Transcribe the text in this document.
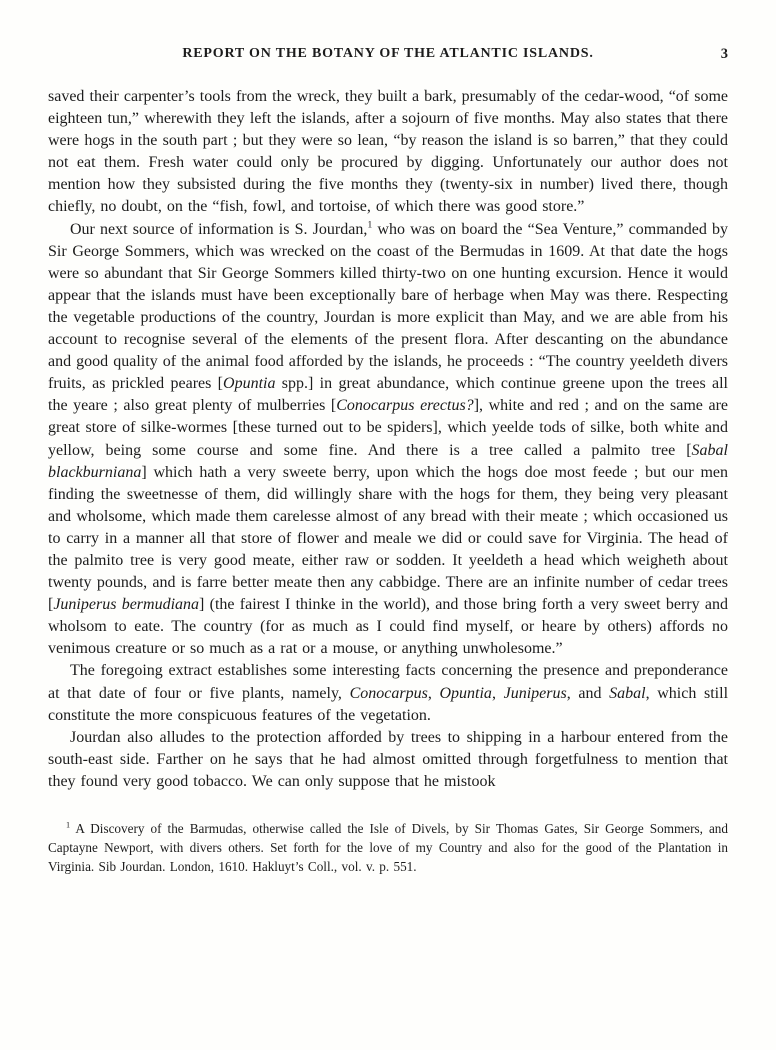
REPORT ON THE BOTANY OF THE ATLANTIC ISLANDS.	3

saved their carpenter’s tools from the wreck, they built a bark, presumably of the cedar-wood, “of some eighteen tun,” wherewith they left the islands, after a sojourn of five months. May also states that there were hogs in the south part ; but they were so lean, “by reason the island is so barren,” that they could not eat them. Fresh water could only be procured by digging. Unfortunately our author does not mention how they subsisted during the five months they (twenty-six in number) lived there, though chiefly, no doubt, on the “fish, fowl, and tortoise, of which there was good store.”

Our next source of information is S. Jourdan,$^1$ who was on board the “Sea Venture,” commanded by Sir George Sommers, which was wrecked on the coast of the Bermudas in 1609. At that date the hogs were so abundant that Sir George Sommers killed thirty-two on one hunting excursion. Hence it would appear that the islands must have been exceptionally bare of herbage when May was there. Respecting the vegetable productions of the country, Jourdan is more explicit than May, and we are able from his account to recognise several of the elements of the present flora. After descanting on the abundance and good quality of the animal food afforded by the islands, he proceeds : “The country yeeldeth divers fruits, as prickled peares [Opuntia spp.] in great abundance, which continue greene upon the trees all the yeare ; also great plenty of mulberries [Conocarpus erectus?], white and red ; and on the same are great store of silke-wormes [these turned out to be spiders], which yeelde tods of silke, both white and yellow, being some course and some fine. And there is a tree called a palmito tree [Sabal blackburniana] which hath a very sweete berry, upon which the hogs doe most feede ; but our men finding the sweetnesse of them, did willingly share with the hogs for them, they being very pleasant and wholsome, which made them carelesse almost of any bread with their meate ; which occasioned us to carry in a manner all that store of flower and meale we did or could save for Virginia. The head of the palmito tree is very good meate, either raw or sodden. It yeeldeth a head which weigheth about twenty pounds, and is farre better meate then any cabbidge. There are an infinite number of cedar trees [Juniperus bermudiana] (the fairest I thinke in the world), and those bring forth a very sweet berry and wholsom to eate. The country (for as much as I could find myself, or heare by others) affords no venimous creature or so much as a rat or a mouse, or anything unwholesome.”

The foregoing extract establishes some interesting facts concerning the presence and preponderance at that date of four or five plants, namely, Conocarpus, Opuntia, Juniperus, and Sabal, which still constitute the more conspicuous features of the vegetation.

Jourdan also alludes to the protection afforded by trees to shipping in a harbour entered from the south-east side. Farther on he says that he had almost omitted through forgetfulness to mention that they found very good tobacco. We can only suppose that he mistook

$^1$ A Discovery of the Barmudas, otherwise called the Isle of Divels, by Sir Thomas Gates, Sir George Sommers, and Captayne Newport, with divers others. Set forth for the love of my Country and also for the good of the Plantation in Virginia. Sib Jourdan. London, 1610. Hakluyt’s Coll., vol. v. p. 551.
